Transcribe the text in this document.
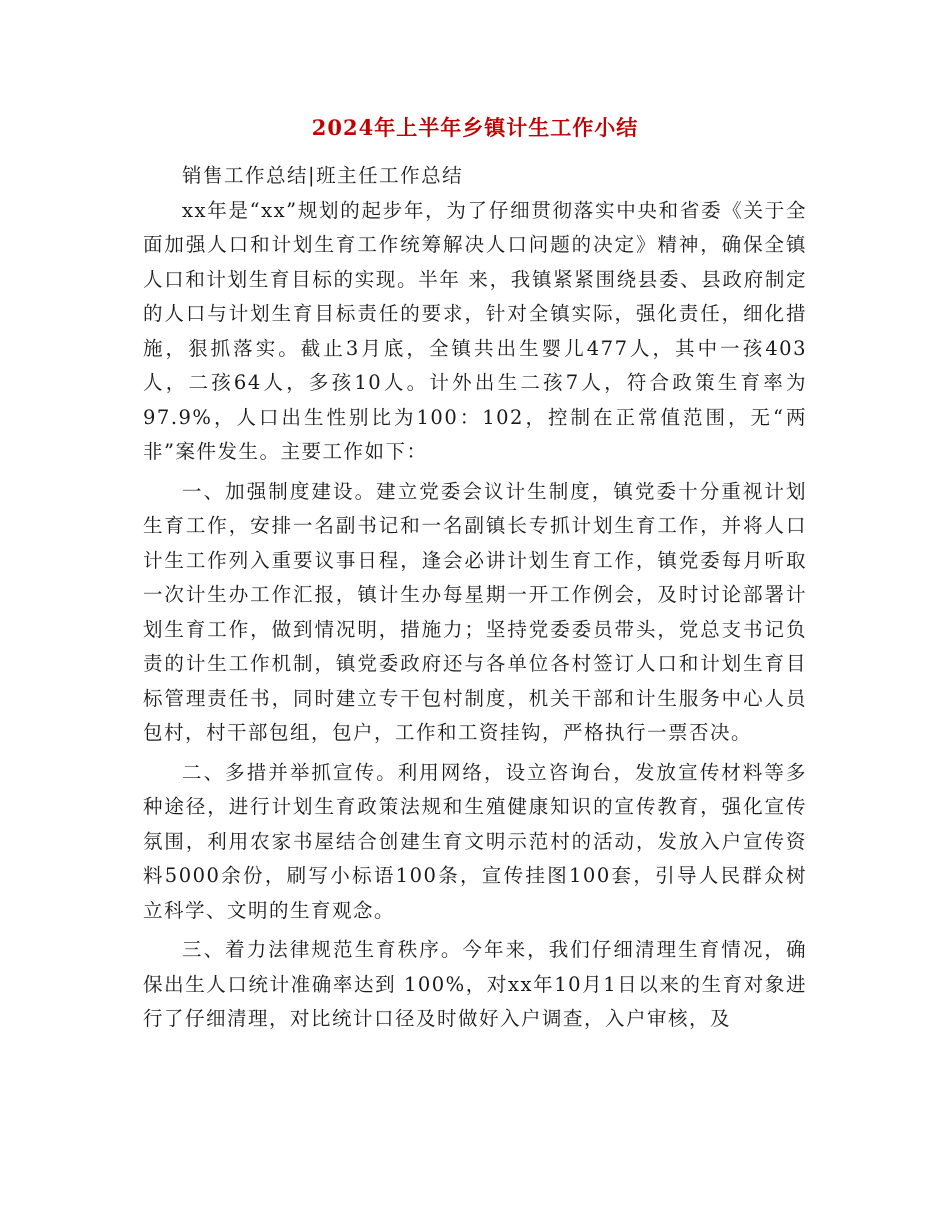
2024年上半年乡镇计生工作小结

销售工作总结|班主任工作总结

xx年是“xx”规划的起步年，为了仔细贯彻落实中央和省委《关于全面加强人口和计划生育工作统筹解决人口问题的决定》精神，确保全镇人口和计划生育目标的实现。半年 来，我镇紧紧围绕县委、县政府制定的人口与计划生育目标责任的要求，针对全镇实际，强化责任，细化措施，狠抓落实。截止3月底，全镇共出生婴儿477人，其中一孩403人，二孩64人，多孩10人。计外出生二孩7人，符合政策生育率为97.9%，人口出生性别比为100：102，控制在正常值范围，无“两非”案件发生。主要工作如下：

一、加强制度建设。建立党委会议计生制度，镇党委十分重视计划生育工作，安排一名副书记和一名副镇长专抓计划生育工作，并将人口计生工作列入重要议事日程，逢会必讲计划生育工作，镇党委每月听取一次计生办工作汇报，镇计生办每星期一开工作例会，及时讨论部署计划生育工作，做到情况明，措施力；坚持党委委员带头，党总支书记负责的计生工作机制，镇党委政府还与各单位各村签订人口和计划生育目标管理责任书，同时建立专干包村制度，机关干部和计生服务中心人员包村，村干部包组，包户，工作和工资挂钩，严格执行一票否决。

二、多措并举抓宣传。利用网络，设立咨询台，发放宣传材料等多种途径，进行计划生育政策法规和生殖健康知识的宣传教育，强化宣传氛围，利用农家书屋结合创建生育文明示范村的活动，发放入户宣传资料5000余份，刷写小标语100条，宣传挂图100套，引导人民群众树立科学、文明的生育观念。

三、着力法律规范生育秩序。今年来，我们仔细清理生育情况，确保出生人口统计准确率达到 100%，对xx年10月1日以来的生育对象进行了仔细清理，对比统计口径及时做好入户调查，入户审核，及
